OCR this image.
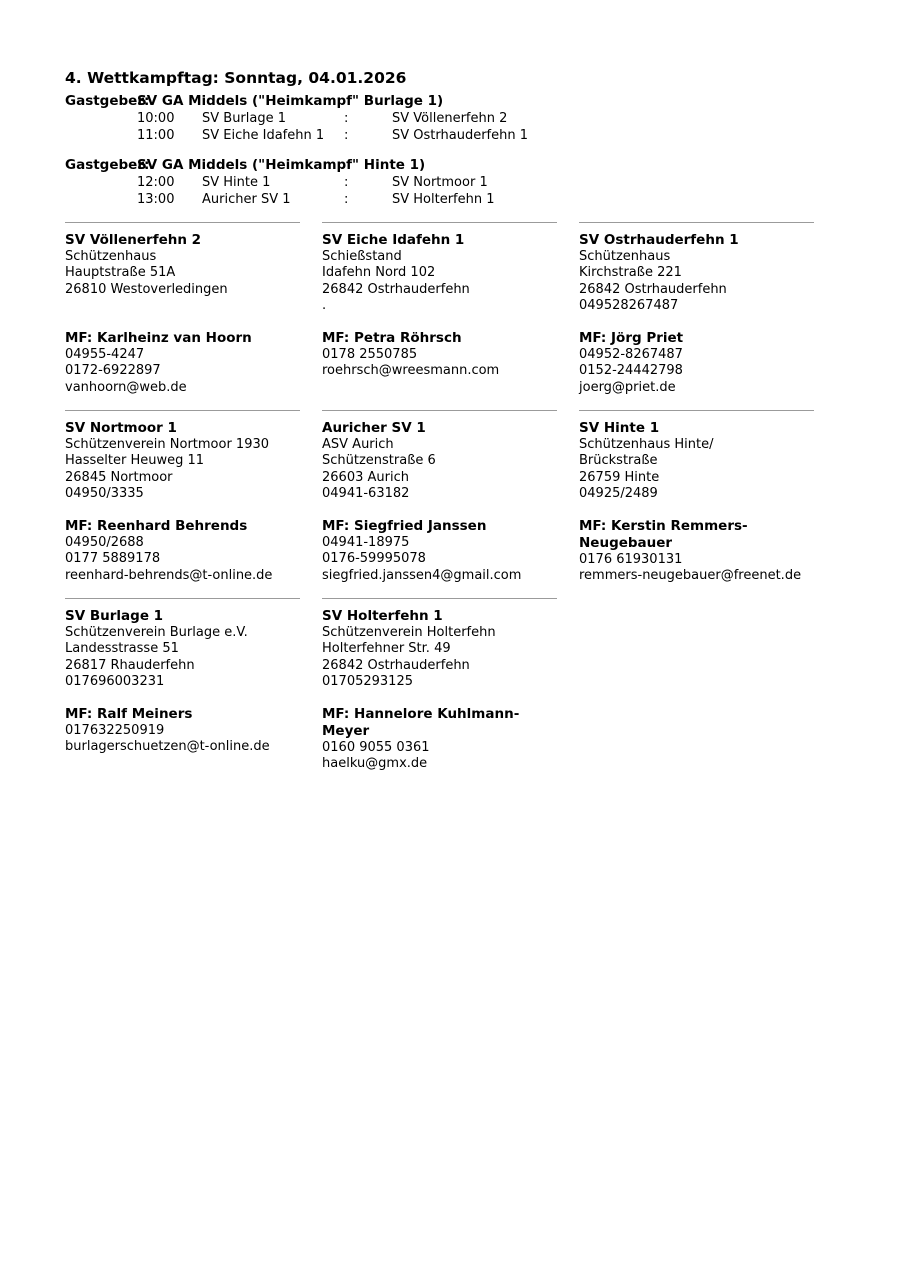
4. Wettkampftag: Sonntag, 04.01.2026
Gastgeber:
SV GA Middels ("Heimkampf" Burlage 1)
10:00	SV Burlage 1	:	SV Völlenerfehn 2
11:00	SV Eiche Idafehn 1	:	SV Ostrhauderfehn 1
Gastgeber:
SV GA Middels ("Heimkampf" Hinte 1)
12:00	SV Hinte 1	:	SV Nortmoor 1
13:00	Auricher SV 1	:	SV Holterfehn 1
SV Völlenerfehn 2
Schützenhaus
Hauptstraße 51A
26810 Westoverledingen
MF: Karlheinz van Hoorn
04955-4247
0172-6922897
vanhoorn@web.de
SV Eiche Idafehn 1
Schießstand
Idafehn Nord 102
26842 Ostrhauderfehn
.
MF: Petra Röhrsch
0178 2550785
roehrsch@wreesmann.com
SV Ostrhauderfehn 1
Schützenhaus
Kirchstraße 221
26842 Ostrhauderfehn
049528267487
MF: Jörg Priet
04952-8267487
0152-24442798
joerg@priet.de
SV Nortmoor 1
Schützenverein Nortmoor 1930
Hasselter Heuweg 11
26845 Nortmoor
04950/3335
MF: Reenhard Behrends
04950/2688
0177 5889178
reenhard-behrends@t-online.de
Auricher SV 1
ASV Aurich
Schützenstraße 6
26603 Aurich
04941-63182
MF: Siegfried Janssen
04941-18975
0176-59995078
siegfried.janssen4@gmail.com
SV Hinte 1
Schützenhaus Hinte/
Brückstraße
26759 Hinte
04925/2489
MF: Kerstin Remmers-Neugebauer
0176 61930131
remmers-neugebauer@freenet.de
SV Burlage 1
Schützenverein Burlage e.V.
Landesstrasse 51
26817 Rhauderfehn
017696003231
MF: Ralf Meiners
017632250919
burlagerschuetzen@t-online.de
SV Holterfehn 1
Schützenverein Holterfehn
Holterfehner Str. 49
26842 Ostrhauderfehn
01705293125
MF: Hannelore Kuhlmann-Meyer
0160 9055 0361
haelku@gmx.de
